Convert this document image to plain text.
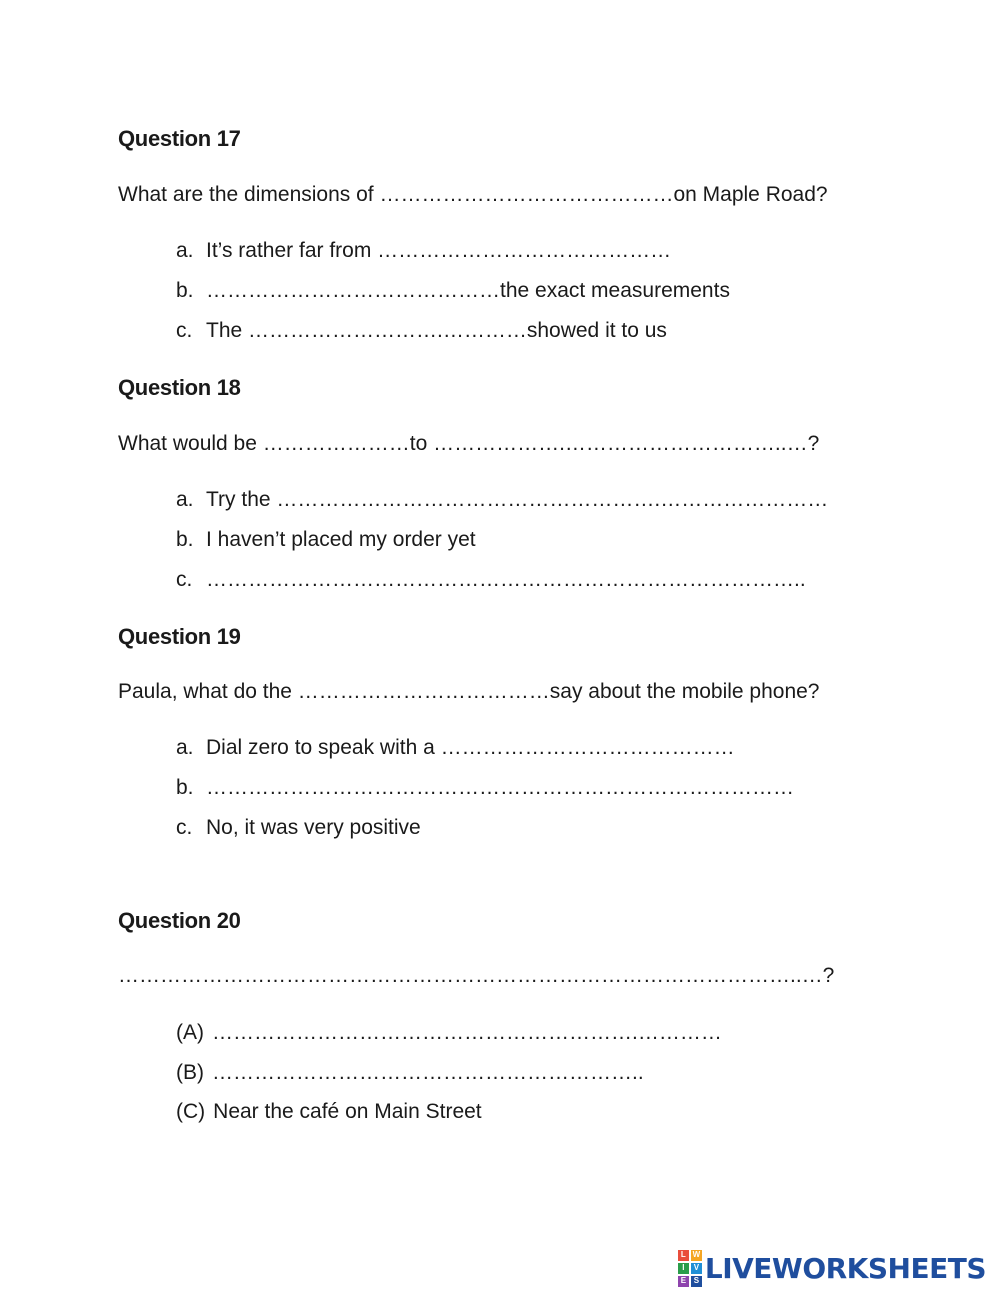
Question 17
What are the dimensions of ……………………………………on Maple Road?
a. It’s rather far from ……………………………………
b. ……………………………………the exact measurements
c. The ……………………….…………showed it to us
Question 18
What would be …………………to ……………….…………………………..…?
a. Try the ……………………………………………….……………………
b. I haven’t placed my order yet
c. …………………………………………………………………………..
Question 19
Paula, what do the ………………………………say about the mobile phone?
a. Dial zero to speak with a ……………………………………
b. …………………………………………………………………………
c. No, it was very positive
Question 20
……………………………………………………………………………………..…?
(A) …………………………………………………….…………
(B) ……………………………………………………..
(C) Near the café on Main Street
L W
I	V
E S LIVEWORKSHEETS
